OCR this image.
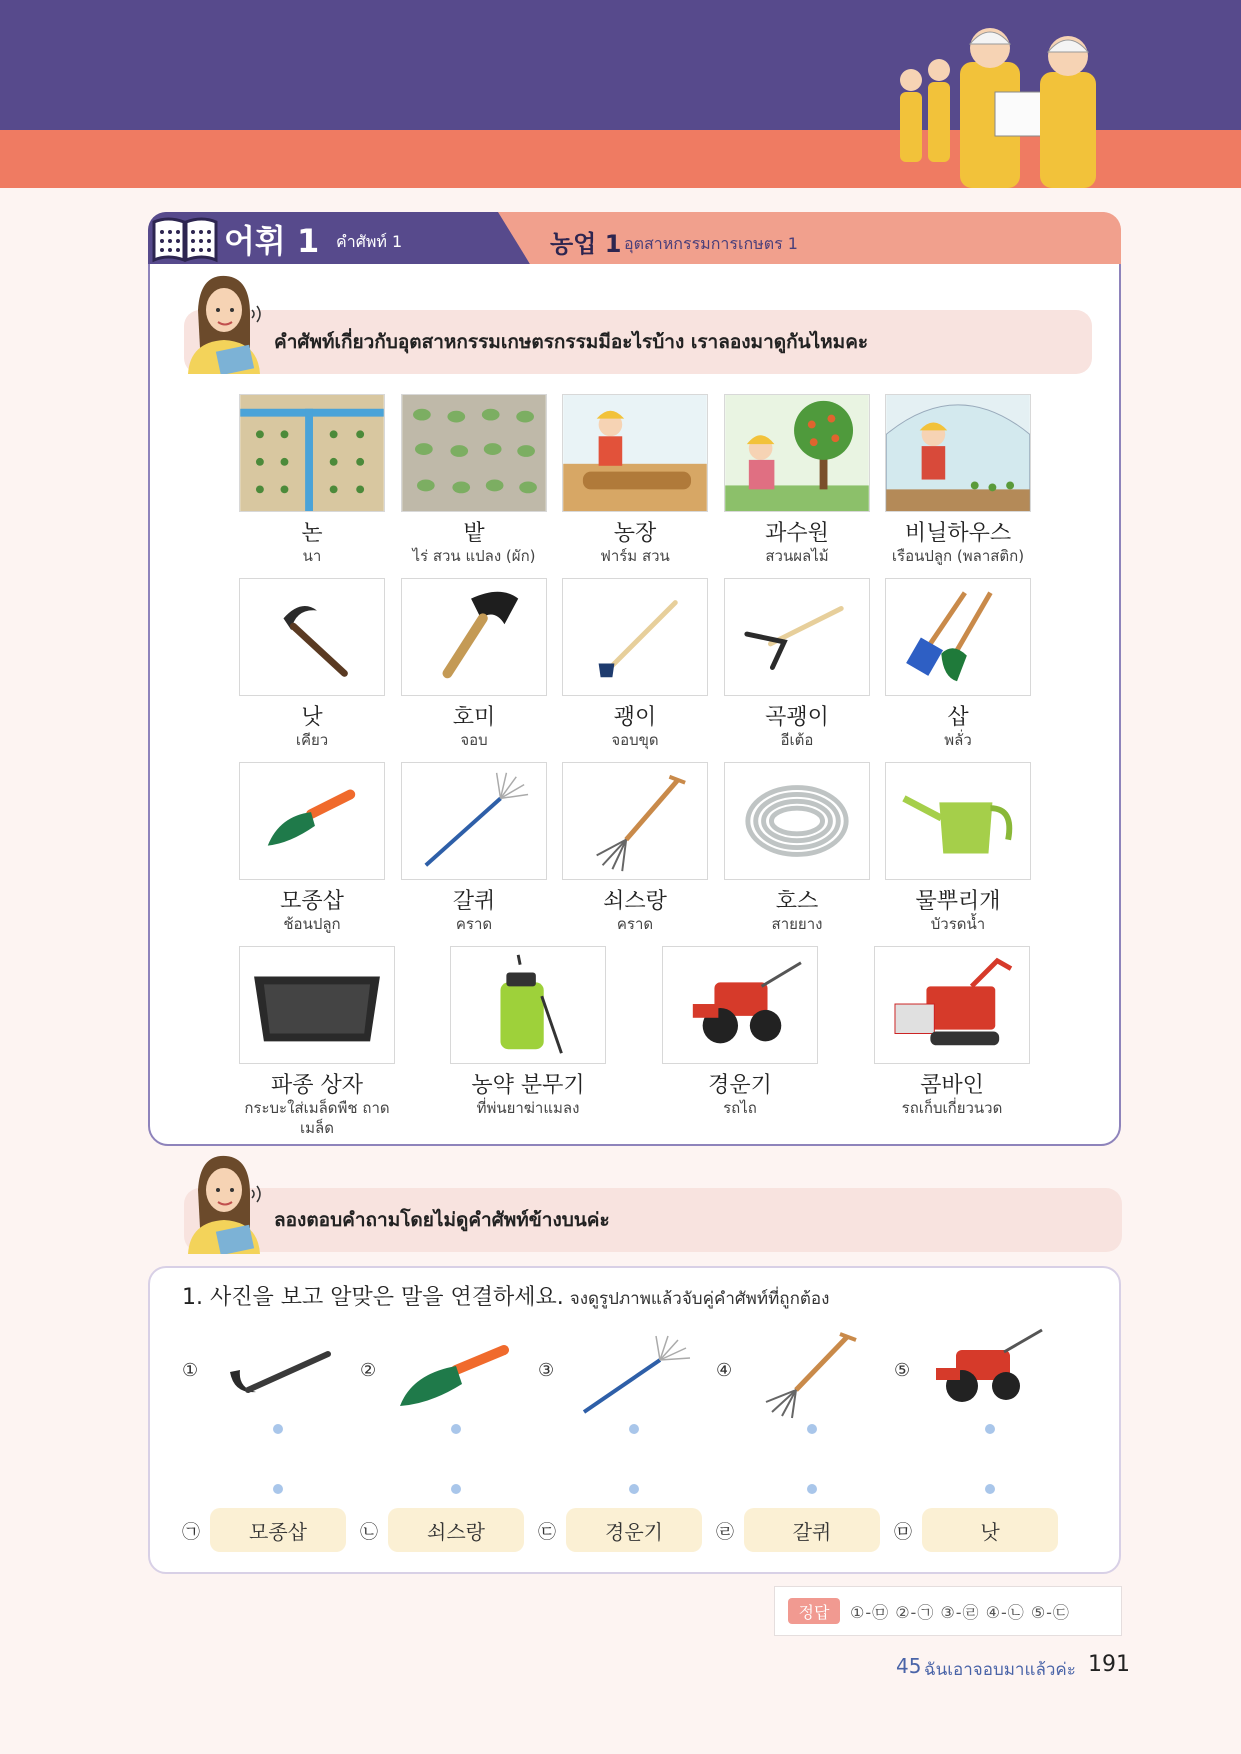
어휘 1 คำศัพท์ 1	농업 1 อุตสาหกรรมการเกษตร 1
คำศัพท์เกี่ยวกับอุตสาหกรรมเกษตรกรรมมีอะไรบ้าง เราลองมาดูกันไหมคะ
논
นา
밭
ไร่ สวน แปลง (ผัก)
농장
ฟาร์ม สวน
과수원
สวนผลไม้
비닐하우스
เรือนปลูก (พลาสติก)
낫
เคียว
호미
จอบ
괭이
จอบขุด
곡괭이
อีเต้อ
삽
พลั่ว
모종삽
ช้อนปลูก
갈퀴
คราด
쇠스랑
คราด
호스
สายยาง
물뿌리개
บัวรดน้ำ
파종 상자
กระบะใส่เมล็ดพืช ถาดเมล็ด
농약 분무기
ที่พ่นยาฆ่าแมลง
경운기
รถไถ
콤바인
รถเก็บเกี่ยวนวด
ลองตอบคำถามโดยไม่ดูคำศัพท์ข้างบนค่ะ
1. 사진을 보고 알맞은 말을 연결하세요. จงดูรูปภาพแล้วจับคู่คำศัพท์ที่ถูกต้อง
①	②	③	④	⑤
㉠	모종삽	㉡	쇠스랑	㉢	경운기	㉣	갈퀴	㉤	낫
정답	①-㉤ ②-㉠ ③-㉣ ④-㉡ ⑤-㉢
45 ฉันเอาจอบมาแล้วค่ะ 191
